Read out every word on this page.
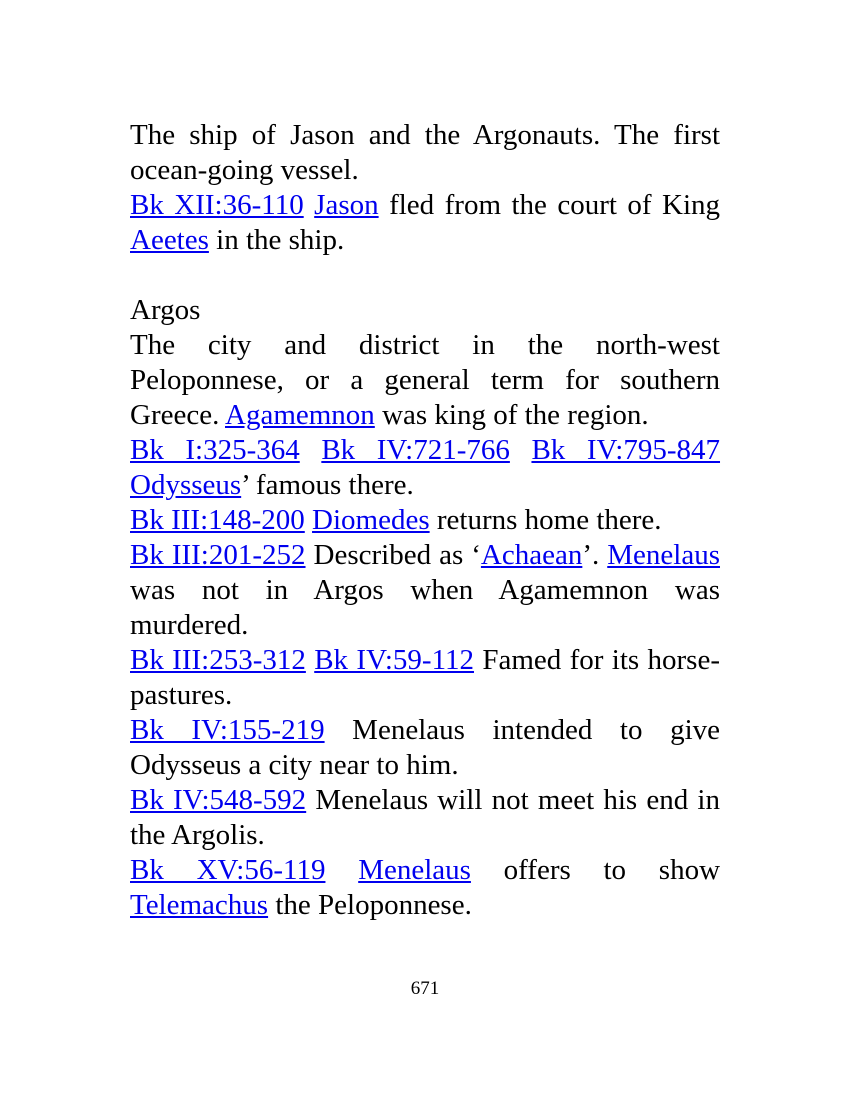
The ship of Jason and the Argonauts. The first ocean-going vessel.

Bk XII:36-110 Jason fled from the court of King Aeetes in the ship.

Argos

The city and district in the north-west Peloponnese, or a general term for southern Greece. Agamemnon was king of the region.

Bk I:325-364 Bk IV:721-766 Bk IV:795-847 Odysseus’ famous there.

Bk III:148-200 Diomedes returns home there.

Bk III:201-252 Described as ‘Achaean’. Menelaus was not in Argos when Agamemnon was murdered.

Bk III:253-312 Bk IV:59-112 Famed for its horse-pastures.

Bk IV:155-219 Menelaus intended to give Odysseus a city near to him.

Bk IV:548-592 Menelaus will not meet his end in the Argolis.

Bk XV:56-119 Menelaus offers to show Telemachus the Peloponnese.

671
